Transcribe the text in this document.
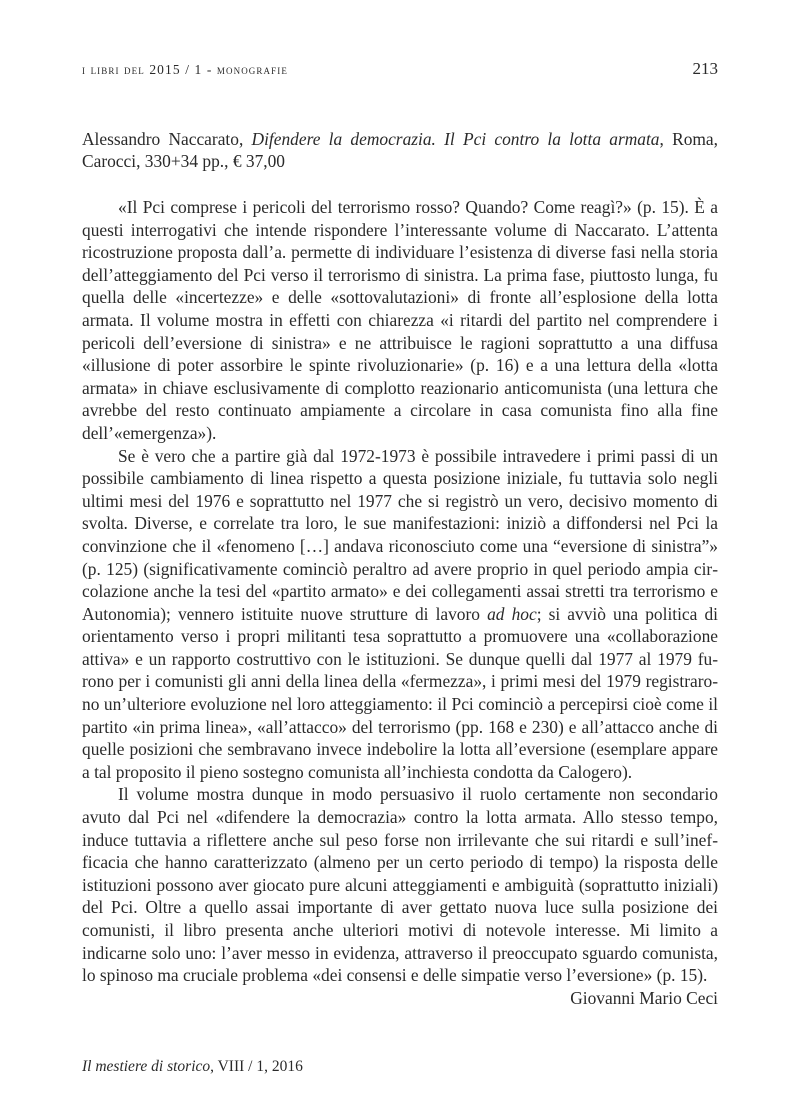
i libri del 2015 / 1 - monografie	213
Alessandro Naccarato, Difendere la democrazia. Il Pci contro la lotta armata, Roma, Carocci, 330+34 pp., € 37,00

«Il Pci comprese i pericoli del terrorismo rosso? Quando? Come reagì?» (p. 15). È a questi interrogativi che intende rispondere l’interessante volume di Naccarato. L’attenta ricostruzione proposta dall’a. permette di individuare l’esistenza di diverse fasi nella storia dell’atteggiamento del Pci verso il terrorismo di sinistra. La prima fase, piuttosto lunga, fu quella delle «incertezze» e delle «sottovalutazioni» di fronte all’esplosione della lotta armata. Il volume mostra in effetti con chiarezza «i ritardi del partito nel comprendere i pericoli dell’eversione di sinistra» e ne attribuisce le ragioni soprattutto a una diffusa «illusione di poter assorbire le spinte rivoluzionarie» (p. 16) e a una lettura della «lotta armata» in chiave esclusivamente di complotto reazionario anticomunista (una lettura che avrebbe del resto continuato ampiamente a circolare in casa comunista fino alla fine dell’«emergenza»).

Se è vero che a partire già dal 1972-1973 è possibile intravedere i primi passi di un possibile cambiamento di linea rispetto a questa posizione iniziale, fu tuttavia solo negli ultimi mesi del 1976 e soprattutto nel 1977 che si registrò un vero, decisivo momento di svolta. Diverse, e correlate tra loro, le sue manifestazioni: iniziò a diffondersi nel Pci la convinzione che il «fenomeno […] andava riconosciuto come una “eversione di sinistra”» (p. 125) (significativamente cominciò peraltro ad avere proprio in quel periodo ampia circolazione anche la tesi del «partito armato» e dei collegamenti assai stretti tra terrorismo e Autonomia); vennero istituite nuove strutture di lavoro ad hoc; si avviò una politica di orientamento verso i propri militanti tesa soprattutto a promuovere una «collaborazione attiva» e un rapporto costruttivo con le istituzioni. Se dunque quelli dal 1977 al 1979 furono per i comunisti gli anni della linea della «fermezza», i primi mesi del 1979 registrarono un’ulteriore evoluzione nel loro atteggiamento: il Pci cominciò a percepirsi cioè come il partito «in prima linea», «all’attacco» del terrorismo (pp. 168 e 230) e all’attacco anche di quelle posizioni che sembravano invece indebolire la lotta all’eversione (esemplare appare a tal proposito il pieno sostegno comunista all’inchiesta condotta da Calogero).

Il volume mostra dunque in modo persuasivo il ruolo certamente non secondario avuto dal Pci nel «difendere la democrazia» contro la lotta armata. Allo stesso tempo, induce tuttavia a riflettere anche sul peso forse non irrilevante che sui ritardi e sull’inefficacia che hanno caratterizzato (almeno per un certo periodo di tempo) la risposta delle istituzioni possono aver giocato pure alcuni atteggiamenti e ambiguità (soprattutto iniziali) del Pci. Oltre a quello assai importante di aver gettato nuova luce sulla posizione dei comunisti, il libro presenta anche ulteriori motivi di notevole interesse. Mi limito a indicarne solo uno: l’aver messo in evidenza, attraverso il preoccupato sguardo comunista, lo spinoso ma cruciale problema «dei consensi e delle simpatie verso l’eversione» (p. 15).

Giovanni Mario Ceci

Il mestiere di storico, VIII / 1, 2016
